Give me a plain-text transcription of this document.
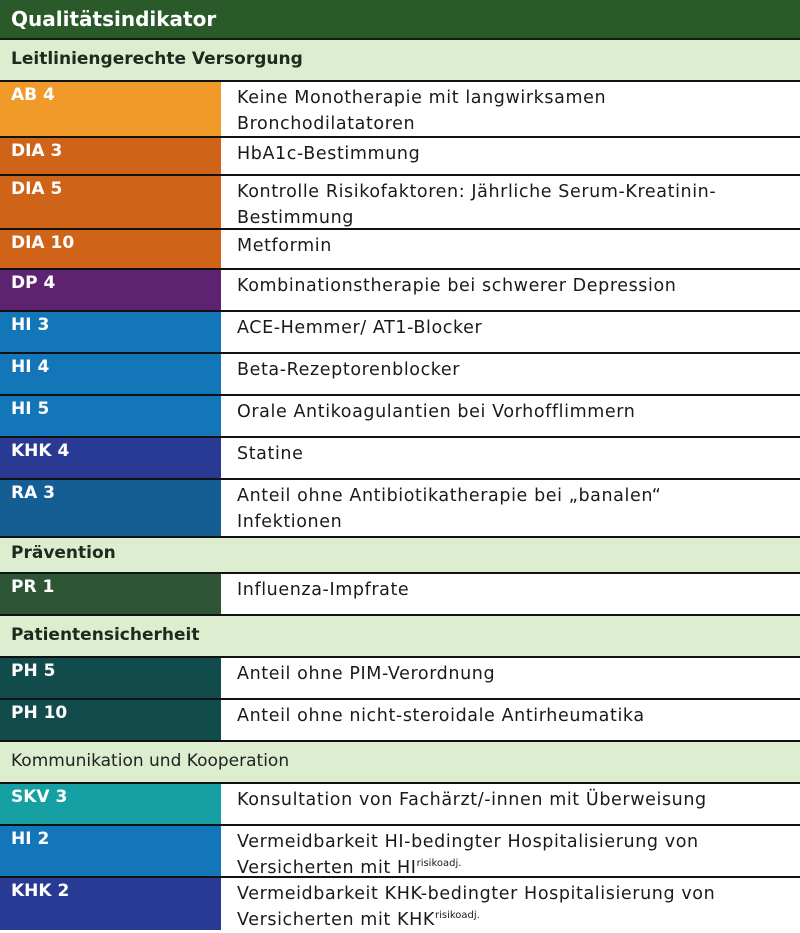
Qualitätsindikator
Leitliniengerechte Versorgung
AB 4	Keine Monotherapie mit langwirksamen
Bronchodilatatoren
DIA 3	HbA1c-Bestimmung
DIA 5	Kontrolle Risikofaktoren: Jährliche Serum-Kreatinin-
Bestimmung
DIA 10	Metformin
DP 4	Kombinationstherapie bei schwerer Depression
HI 3	ACE-Hemmer/ AT1-Blocker
HI 4	Beta-Rezeptorenblocker
HI 5	Orale Antikoagulantien bei Vorhofflimmern
KHK 4	Statine
RA 3	Anteil ohne Antibiotikatherapie bei „banalen“
Infektionen
Prävention
PR 1	Influenza-Impfrate
Patientensicherheit
PH 5	Anteil ohne PIM-Verordnung
PH 10	Anteil ohne nicht-steroidale Antirheumatika
Kommunikation und Kooperation
SKV 3	Konsultation von Fachärzt/-innen mit Überweisung
HI 2	Vermeidbarkeit HI-bedingter Hospitalisierung von
Versicherten mit $HI^{risikoadj.}$
KHK 2	Vermeidbarkeit KHK-bedingter Hospitalisierung von
Versicherten mit $KHK^{risikoadj.}$
